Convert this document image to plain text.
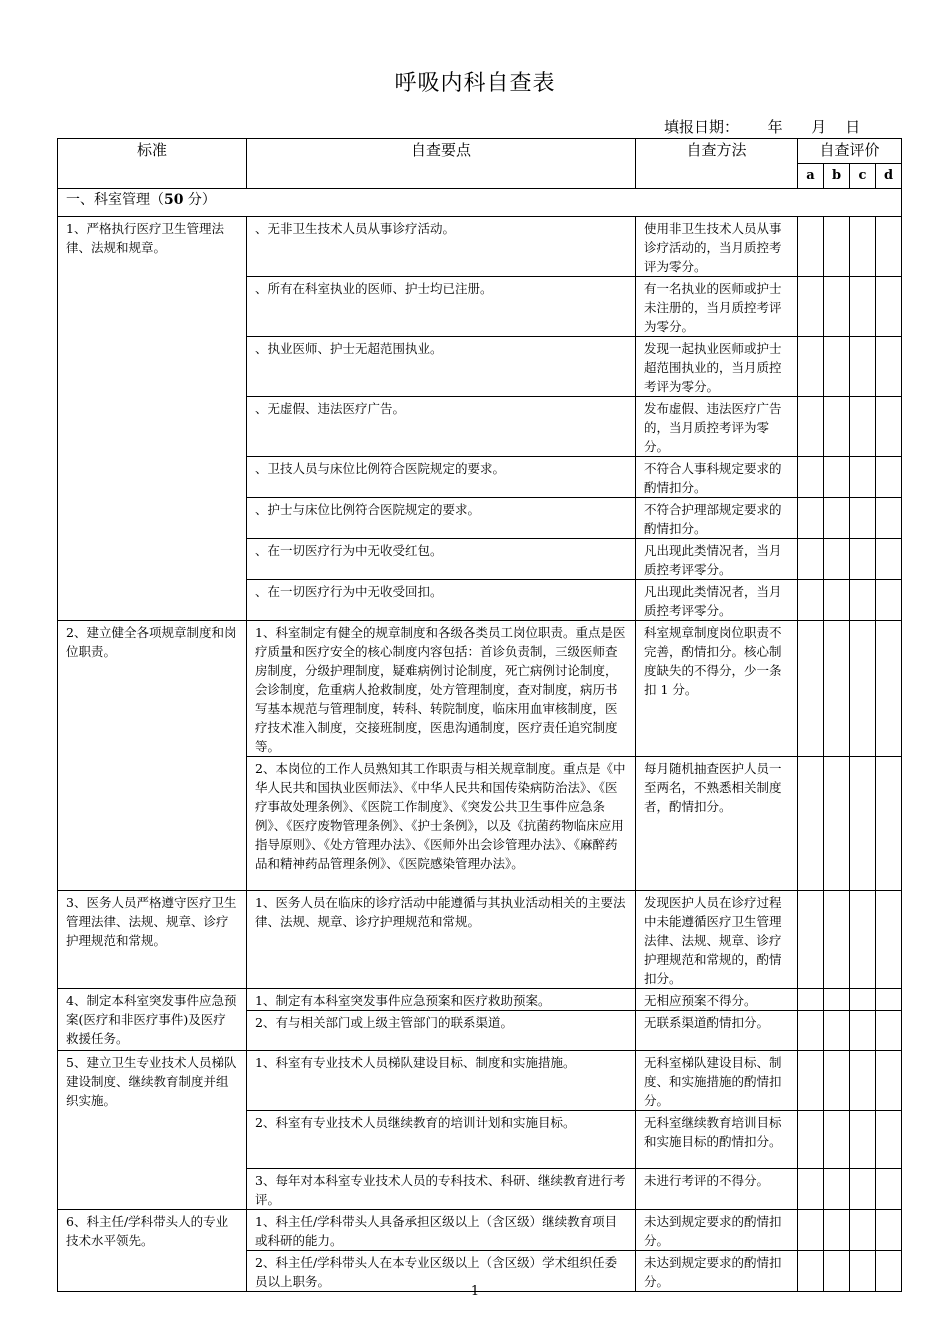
呼吸内科自查表
填报日期：      年      月    日
标准	自查要点	自查方法	自查评价			
			a	b	c	d
一、科室管理（50 分）						
1、严格执行医疗卫生管理法律、法规和规章。	、无非卫生技术人员从事诊疗活动。	使用非卫生技术人员从事诊疗活动的，当月质控考评为零分。				
	、所有在科室执业的医师、护士均已注册。	有一名执业的医师或护士未注册的，当月质控考评为零分。				
	、执业医师、护士无超范围执业。	发现一起执业医师或护士超范围执业的，当月质控考评为零分。				
	、无虚假、违法医疗广告。	发布虚假、违法医疗广告的，当月质控考评为零分。				
	、卫技人员与床位比例符合医院规定的要求。	不符合人事科规定要求的酌情扣分。				
	、护士与床位比例符合医院规定的要求。	不符合护理部规定要求的酌情扣分。				
	、在一切医疗行为中无收受红包。	凡出现此类情况者，当月质控考评零分。				
	、在一切医疗行为中无收受回扣。	凡出现此类情况者，当月质控考评零分。				
2、建立健全各项规章制度和岗位职责。	1、科室制定有健全的规章制度和各级各类员工岗位职责。重点是医疗质量和医疗安全的核心制度内容包括：首诊负责制，三级医师查房制度，分级护理制度，疑难病例讨论制度，死亡病例讨论制度，会诊制度，危重病人抢救制度，处方管理制度，查对制度，病历书写基本规范与管理制度，转科、转院制度，临床用血审核制度，医疗技术准入制度，交接班制度，医患沟通制度，医疗责任追究制度等。	科室规章制度岗位职责不完善，酌情扣分。核心制度缺失的不得分，少一条扣 1 分。				
	2、本岗位的工作人员熟知其工作职责与相关规章制度。重点是《中华人民共和国执业医师法》、《中华人民共和国传染病防治法》、《医疗事故处理条例》、《医院工作制度》、《突发公共卫生事件应急条例》、《医疗废物管理条例》、《护士条例》，以及《抗菌药物临床应用指导原则》、《处方管理办法》、《医师外出会诊管理办法》、《麻醉药品和精神药品管理条例》、《医院感染管理办法》。	每月随机抽查医护人员一至两名，不熟悉相关制度者，酌情扣分。				
3、医务人员严格遵守医疗卫生管理法律、法规、规章、诊疗护理规范和常规。	1、医务人员在临床的诊疗活动中能遵循与其执业活动相关的主要法律、法规、规章、诊疗护理规范和常规。	发现医护人员在诊疗过程中未能遵循医疗卫生管理法律、法规、规章、诊疗护理规范和常规的，酌情扣分。				
4、制定本科室突发事件应急预案(医疗和非医疗事件)及医疗救援任务。	1、制定有本科室突发事件应急预案和医疗救助预案。	无相应预案不得分。				
	2、有与相关部门或上级主管部门的联系渠道。	无联系渠道酌情扣分。				
5、建立卫生专业技术人员梯队建设制度、继续教育制度并组织实施。	1、科室有专业技术人员梯队建设目标、制度和实施措施。	无科室梯队建设目标、制度、和实施措施的酌情扣分。				
	2、科室有专业技术人员继续教育的培训计划和实施目标。	无科室继续教育培训目标和实施目标的酌情扣分。				
	3、每年对本科室专业技术人员的专科技术、科研、继续教育进行考评。	未进行考评的不得分。				
6、科主任/学科带头人的专业技术水平领先。	1、科主任/学科带头人具备承担区级以上（含区级）继续教育项目或科研的能力。	未达到规定要求的酌情扣分。				
	2、科主任/学科带头人在本专业区级以上（含区级）学术组织任委员以上职务。	未达到规定要求的酌情扣分。				
1
